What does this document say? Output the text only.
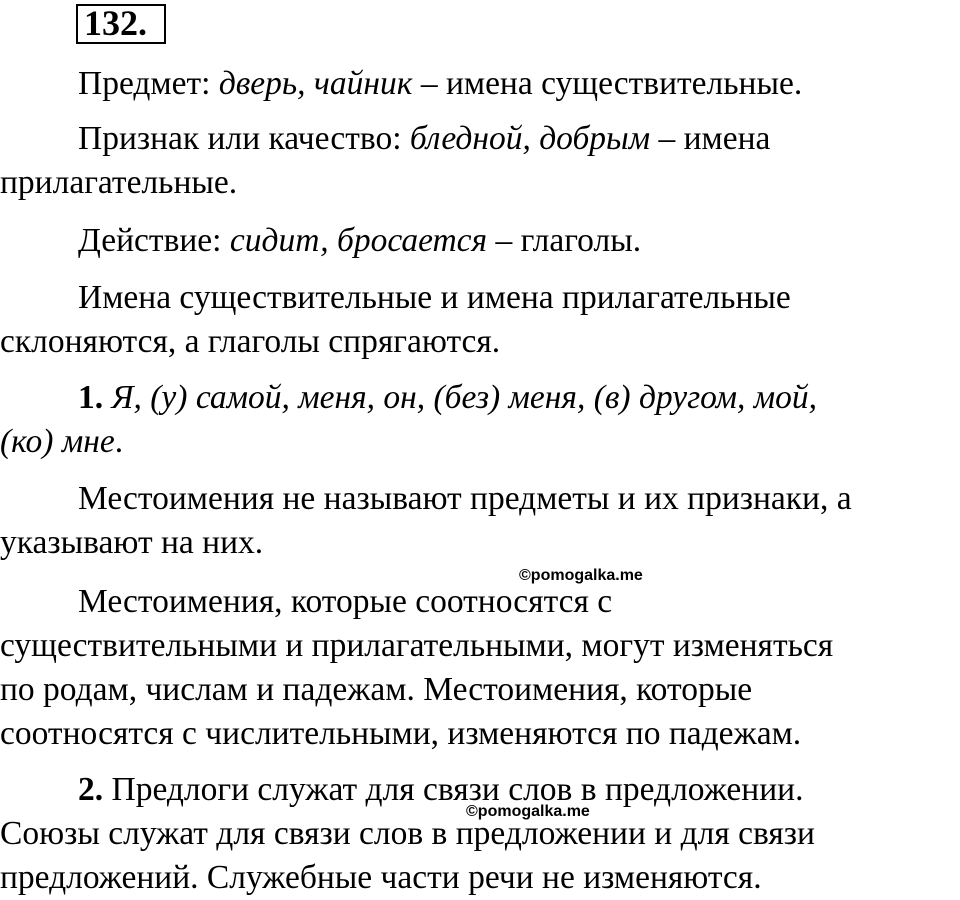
132.
Предмет: дверь, чайник – имена существительные.
Признак или качество: бледной, добрым – имена
прилагательные.
Действие: сидит, бросается – глаголы.
Имена существительные и имена прилагательные
склоняются, а глаголы спрягаются.
1. Я, (у) самой, меня, он, (без) меня, (в) другом, мой,
(ко) мне.
Местоимения не называют предметы и их признаки, а
указывают на них.
©pomogalka.me
Местоимения, которые соотносятся с
существительными и прилагательными, могут изменяться
по родам, числам и падежам. Местоимения, которые
соотносятся с числительными, изменяются по падежам.
2. Предлоги служат для связи слов в предложении.
©pomogalka.me
Союзы служат для связи слов в предложении и для связи
предложений. Служебные части речи не изменяются.
